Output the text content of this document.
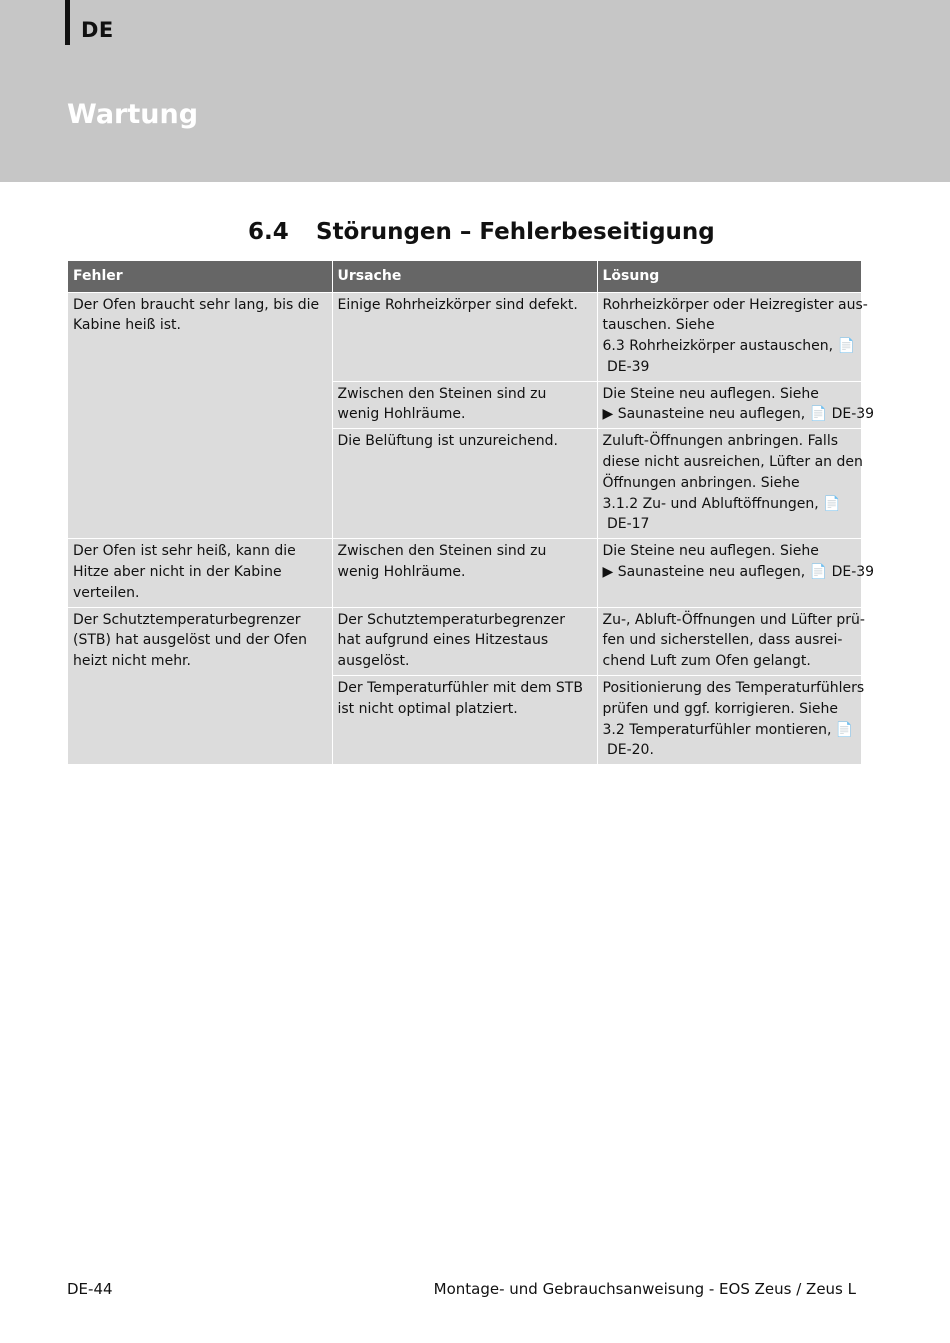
DE
Wartung
6.4	Störungen – Fehlerbeseitigung
Fehler	Ursache	Lösung
Der Ofen braucht sehr lang, bis die Kabine heiß ist.	Einige Rohrheizkörper sind defekt.	Rohrheizkörper oder Heizregister aus-
tauschen. Siehe
6.3 Rohrheizkörper austauschen, 📄
DE-39

	Zwischen den Steinen sind zu wenig Hohlräume.	Die Steine neu auflegen. Siehe
▶ Saunasteine neu auflegen, 📄 DE-39

	Die Belüftung ist unzureichend.	Zuluft-Öffnungen anbringen. Falls
diese nicht ausreichen, Lüfter an den
Öffnungen anbringen. Siehe
3.1.2 Zu- und Abluftöffnungen, 📄
DE-17

Der Ofen ist sehr heiß, kann die Hitze aber nicht in der Kabine verteilen.	Zwischen den Steinen sind zu wenig Hohlräume.	Die Steine neu auflegen. Siehe
▶ Saunasteine neu auflegen, 📄 DE-39

Der Schutztemperaturbegrenzer (STB) hat ausgelöst und der Ofen heizt nicht mehr.	Der Schutztemperaturbegrenzer hat aufgrund eines Hitzestaus ausgelöst.	Zu-, Abluft-Öffnungen und Lüfter prü-
fen und sicherstellen, dass ausrei-
chend Luft zum Ofen gelangt.

	Der Temperaturfühler mit dem STB ist nicht optimal platziert.	Positionierung des Temperaturfühlers
prüfen und ggf. korrigieren. Siehe
3.2 Temperaturfühler montieren, 📄
DE-20.
DE-44	Montage- und Gebrauchsanweisung - EOS Zeus / Zeus L
